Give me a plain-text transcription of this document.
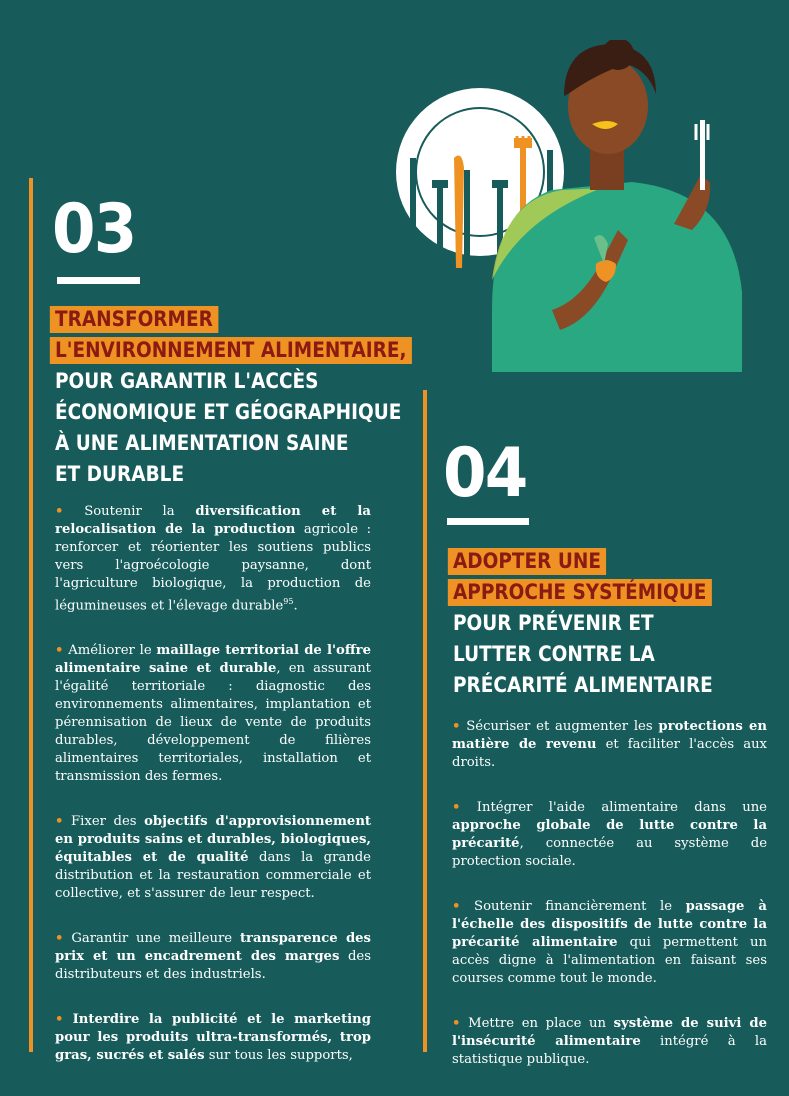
03
TRANSFORMER
L'ENVIRONNEMENT ALIMENTAIRE,
POUR GARANTIR L'ACCÈS
ÉCONOMIQUE ET GÉOGRAPHIQUE
À UNE ALIMENTATION SAINE
ET DURABLE

• Soutenir la diversification et la relocalisation de la production agricole : renforcer et réorienter les soutiens publics vers l'agroécologie paysanne, dont l'agriculture biologique, la production de légumineuses et l'élevage durable$^{95}$.

• Améliorer le maillage territorial de l'offre alimentaire saine et durable, en assurant l'égalité territoriale : diagnostic des environnements alimentaires, implantation et pérennisation de lieux de vente de produits durables, développement de filières alimentaires territoriales, installation et transmission des fermes.

• Fixer des objectifs d'approvisionnement en produits sains et durables, biologiques, équitables et de qualité dans la grande distribution et la restauration commerciale et collective, et s'assurer de leur respect.

• Garantir une meilleure transparence des prix et un encadrement des marges des distributeurs et des industriels.

• Interdire la publicité et le marketing pour les produits ultra-transformés, trop gras, sucrés et salés sur tous les supports,

04
ADOPTER UNE
APPROCHE SYSTÉMIQUE
POUR PRÉVENIR ET
LUTTER CONTRE LA
PRÉCARITÉ ALIMENTAIRE

• Sécuriser et augmenter les protections en matière de revenu et faciliter l'accès aux droits.

• Intégrer l'aide alimentaire dans une approche globale de lutte contre la précarité, connectée au système de protection sociale.

• Soutenir financièrement le passage à l'échelle des dispositifs de lutte contre la précarité alimentaire qui permettent un accès digne à l'alimentation en faisant ses courses comme tout le monde.

• Mettre en place un système de suivi de l'insécurité alimentaire intégré à la statistique publique.
